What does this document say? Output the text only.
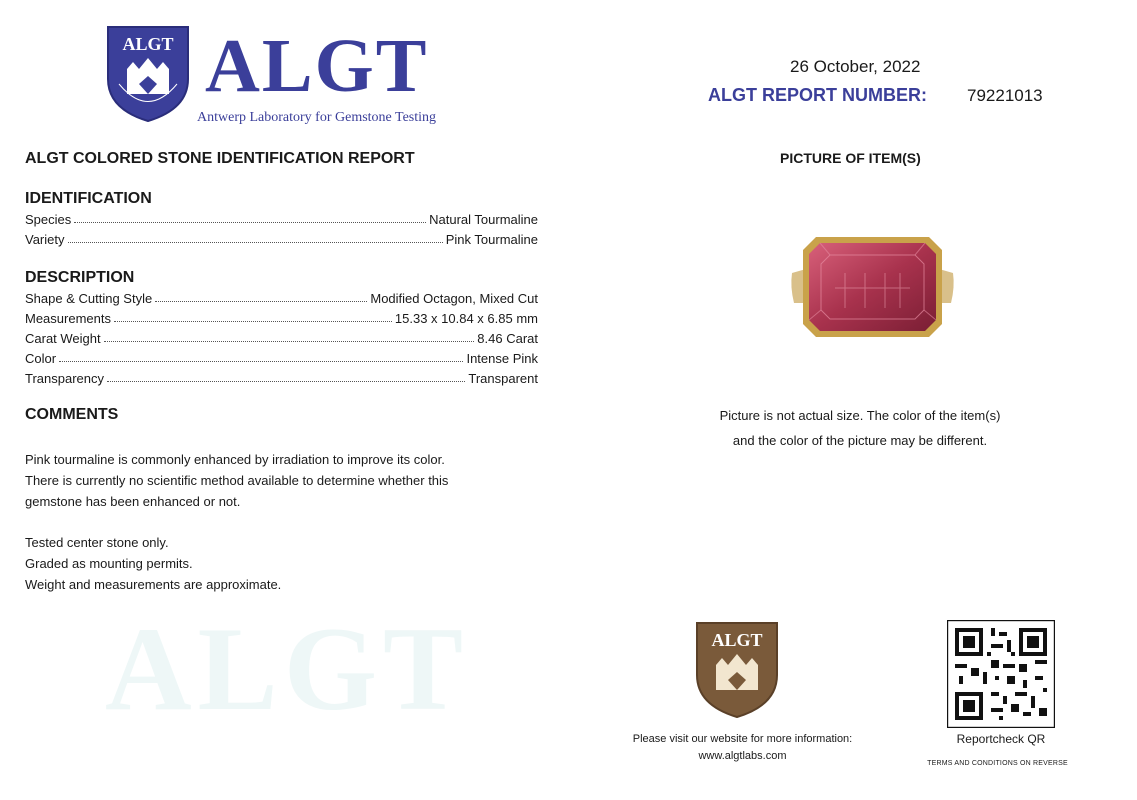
ALGT
ALGT ALGT
Antwerp Laboratory for Gemstone Testing
ALGT COLORED STONE IDENTIFICATION REPORT
IDENTIFICATION
Species	Natural Tourmaline
Variety	Pink Tourmaline
DESCRIPTION
Shape & Cutting Style	Modified Octagon, Mixed Cut
Measurements	15.33 x 10.84 x 6.85 mm
Carat Weight	8.46 Carat
Color	Intense Pink
Transparency	Transparent
COMMENTS
Pink tourmaline is commonly enhanced by irradiation to improve its color.
There is currently no scientific method available to determine whether this
gemstone has been enhanced or not.
Tested center stone only.
Graded as mounting permits.
Weight and measurements are approximate.
26 October, 2022
ALGT REPORT NUMBER: 79221013
PICTURE OF ITEM(S)
Picture is not actual size. The color of the item(s)
and the color of the picture may be different.
ALGT
Please visit our website for more information:
www.algtlabs.com
Reportcheck QR
TERMS AND CONDITIONS ON REVERSE
